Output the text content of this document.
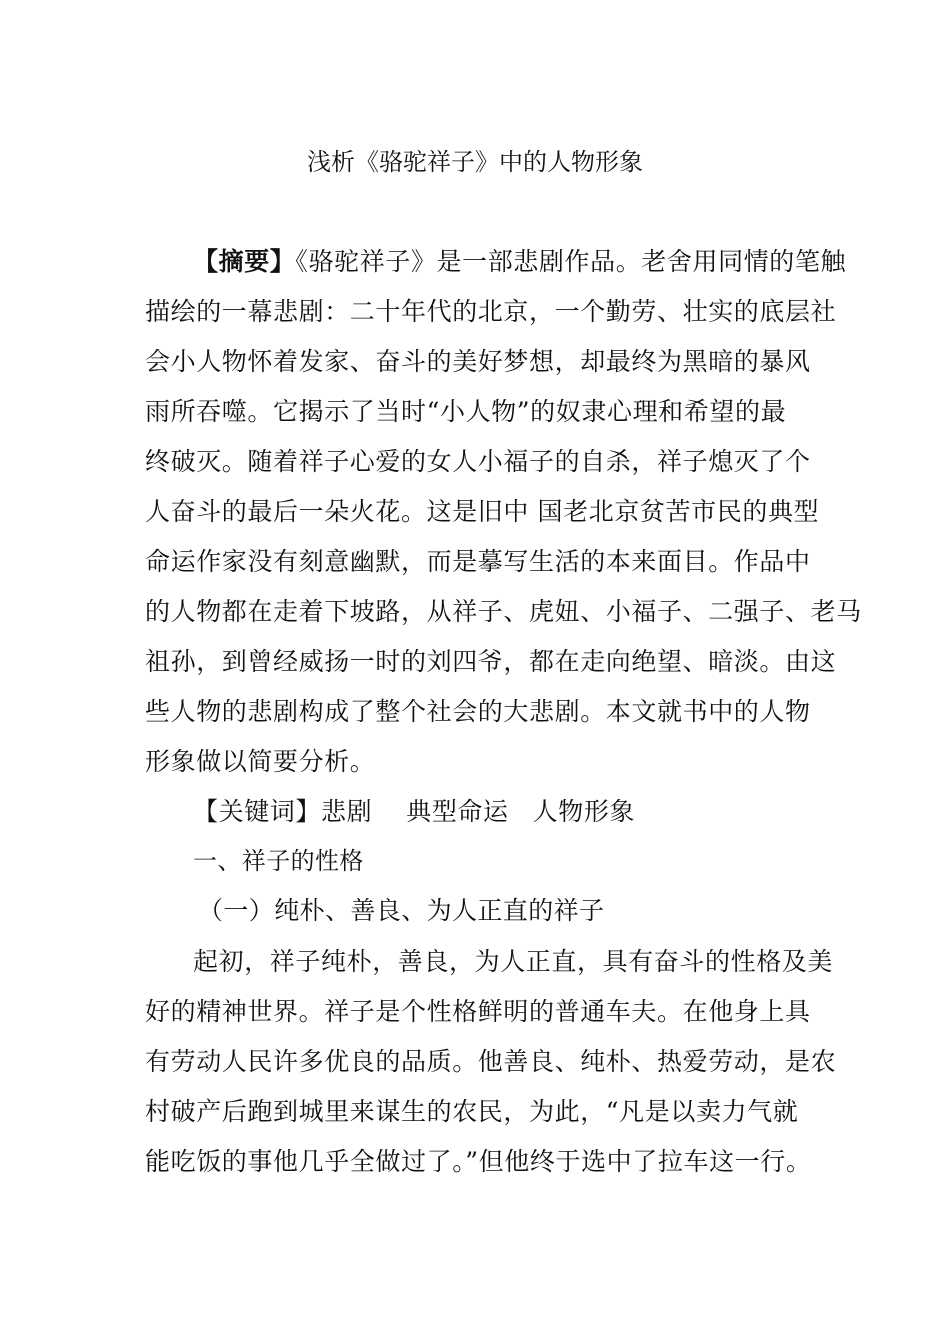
浅析《骆驼祥子》中的人物形象
【摘要】《骆驼祥子》是一部悲剧作品。老舍用同情的笔触
描绘的一幕悲剧：二十年代的北京，一个勤劳、壮实的底层社
会小人物怀着发家、奋斗的美好梦想，却最终为黑暗的暴风
雨所吞噬。它揭示了当时“小人物”的奴隶心理和希望的最
终破灭。随着祥子心爱的女人小福子的自杀，祥子熄灭了个
人奋斗的最后一朵火花。这是旧中 国老北京贫苦市民的典型
命运作家没有刻意幽默，而是摹写生活的本来面目。作品中
的人物都在走着下坡路，从祥子、虎妞、小福子、二强子、老马
祖孙，到曾经威扬一时的刘四爷，都在走向绝望、暗淡。由这
些人物的悲剧构成了整个社会的大悲剧。本文就书中的人物
形象做以简要分析。
【关键词】悲剧 典型命运 人物形象
一、祥子的性格
（一）纯朴、善良、为人正直的祥子
起初，祥子纯朴，善良，为人正直，具有奋斗的性格及美
好的精神世界。祥子是个性格鲜明的普通车夫。在他身上具
有劳动人民许多优良的品质。他善良、纯朴、热爱劳动，是农
村破产后跑到城里来谋生的农民，为此，“凡是以卖力气就
能吃饭的事他几乎全做过了。”但他终于选中了拉车这一行。
